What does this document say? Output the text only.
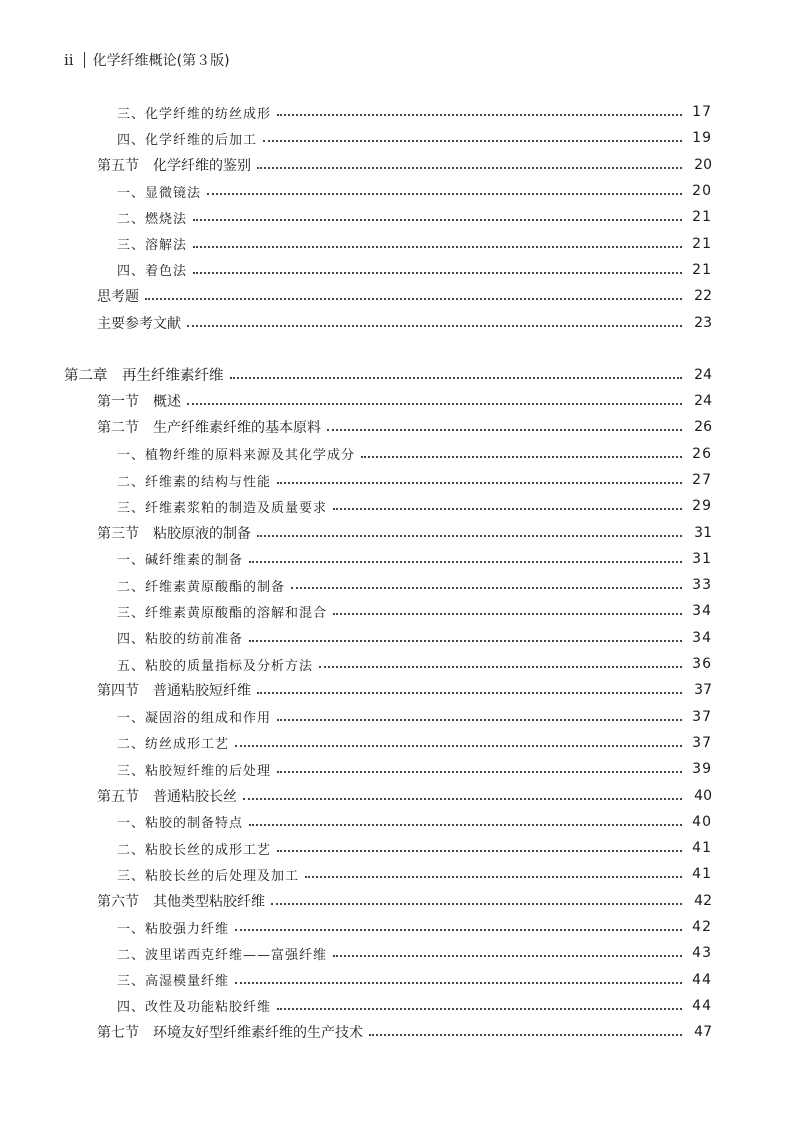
ii 化学纤维概论(第３版)
三、化学纤维的纺丝成形	17
四、化学纤维的后加工	19
第五节　化学纤维的鉴别	20
一、显微镜法	20
二、燃烧法	21
三、溶解法	21
四、着色法	21
思考题	22
主要参考文献	23
第二章　再生纤维素纤维	24
第一节　概述	24
第二节　生产纤维素纤维的基本原料	26
一、植物纤维的原料来源及其化学成分	26
二、纤维素的结构与性能	27
三、纤维素浆粕的制造及质量要求	29
第三节　粘胶原液的制备	31
一、碱纤维素的制备	31
二、纤维素黄原酸酯的制备	33
三、纤维素黄原酸酯的溶解和混合	34
四、粘胶的纺前准备	34
五、粘胶的质量指标及分析方法	36
第四节　普通粘胶短纤维	37
一、凝固浴的组成和作用	37
二、纺丝成形工艺	37
三、粘胶短纤维的后处理	39
第五节　普通粘胶长丝	40
一、粘胶的制备特点	40
二、粘胶长丝的成形工艺	41
三、粘胶长丝的后处理及加工	41
第六节　其他类型粘胶纤维	42
一、粘胶强力纤维	42
二、波里诺西克纤维——富强纤维	43
三、高湿模量纤维	44
四、改性及功能粘胶纤维	44
第七节　环境友好型纤维素纤维的生产技术	47
